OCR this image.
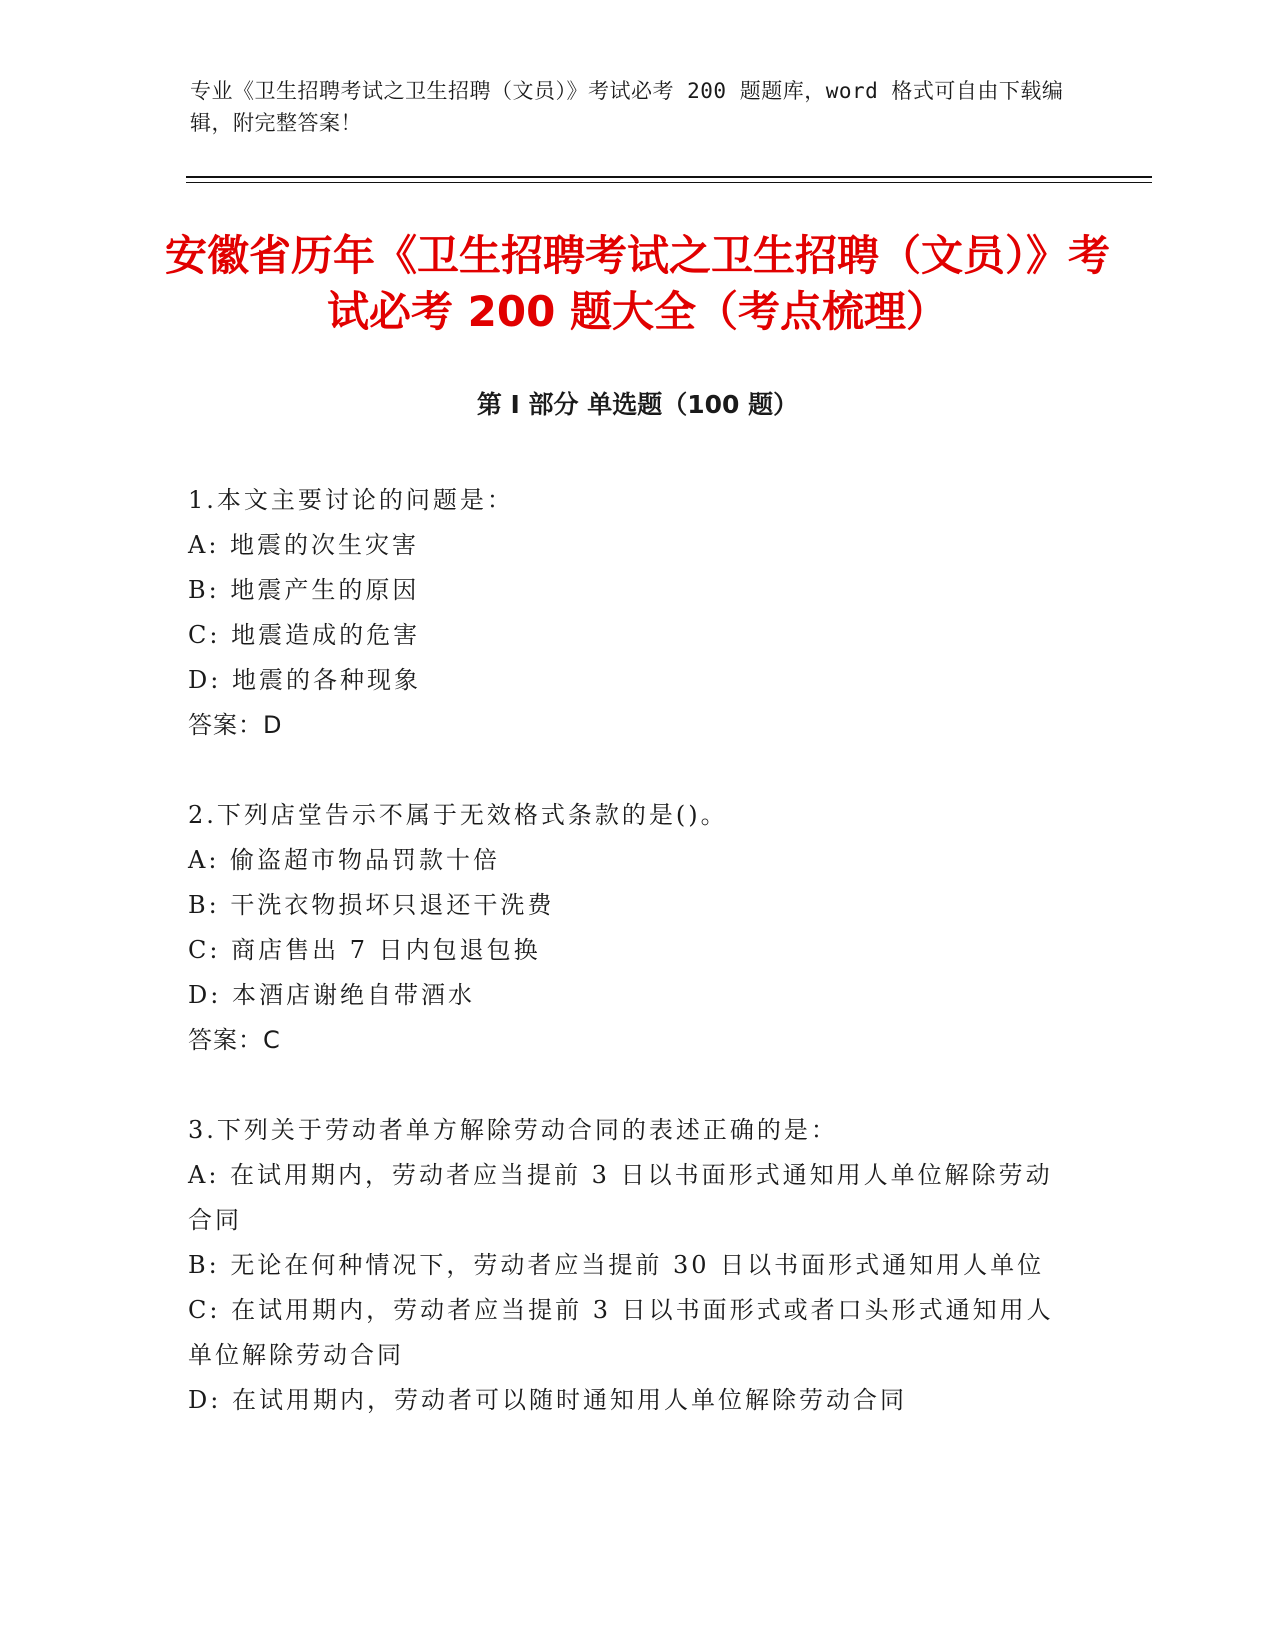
专业《卫生招聘考试之卫生招聘（文员）》考试必考 200 题题库，word 格式可自由下载编辑，附完整答案！
安徽省历年《卫生招聘考试之卫生招聘（文员）》考试必考 200 题大全（考点梳理）
第 I 部分 单选题（100 题）
1.本文主要讨论的问题是：
A: 地震的次生灾害
B: 地震产生的原因
C: 地震造成的危害
D: 地震的各种现象
答案：D
2.下列店堂告示不属于无效格式条款的是()。
A: 偷盗超市物品罚款十倍
B: 干洗衣物损坏只退还干洗费
C: 商店售出 7 日内包退包换
D: 本酒店谢绝自带酒水
答案：C
3.下列关于劳动者单方解除劳动合同的表述正确的是：
A: 在试用期内，劳动者应当提前 3 日以书面形式通知用人单位解除劳动合同
B: 无论在何种情况下，劳动者应当提前 30 日以书面形式通知用人单位
C: 在试用期内，劳动者应当提前 3 日以书面形式或者口头形式通知用人单位解除劳动合同
D: 在试用期内，劳动者可以随时通知用人单位解除劳动合同
